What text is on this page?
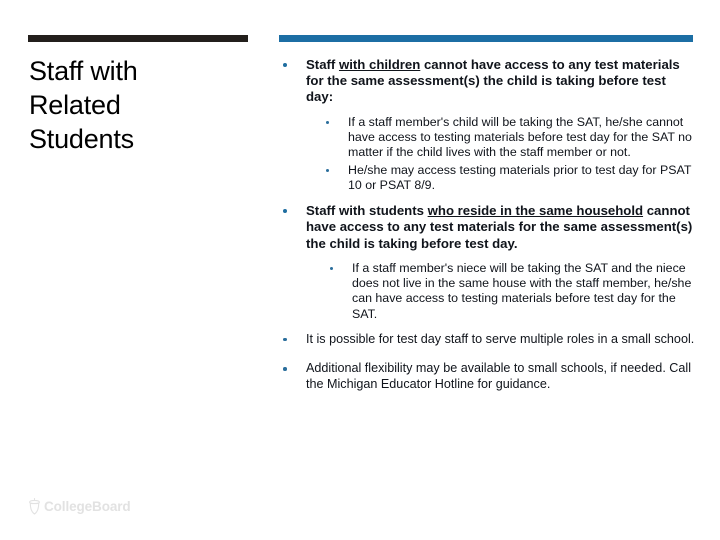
Staff with
Related
Students
Staff with children cannot have access to any test materials for the same assessment(s) the child is taking before test day:
If a staff member's child will be taking the SAT, he/she cannot have access to testing materials before test day for the SAT no matter if the child lives with the staff member or not.
He/she may access testing materials prior to test day for PSAT 10 or PSAT 8/9.
Staff with students who reside in the same household cannot have access to any test materials for the same assessment(s) the child is taking before test day.
If a staff member's niece will be taking the SAT and the niece does not live in the same house with the staff member, he/she can have access to testing materials before test day for the SAT.
It is possible for test day staff to serve multiple roles in a small school.
Additional flexibility may be available to small schools, if needed. Call the Michigan Educator Hotline for guidance.
CollegeBoard
